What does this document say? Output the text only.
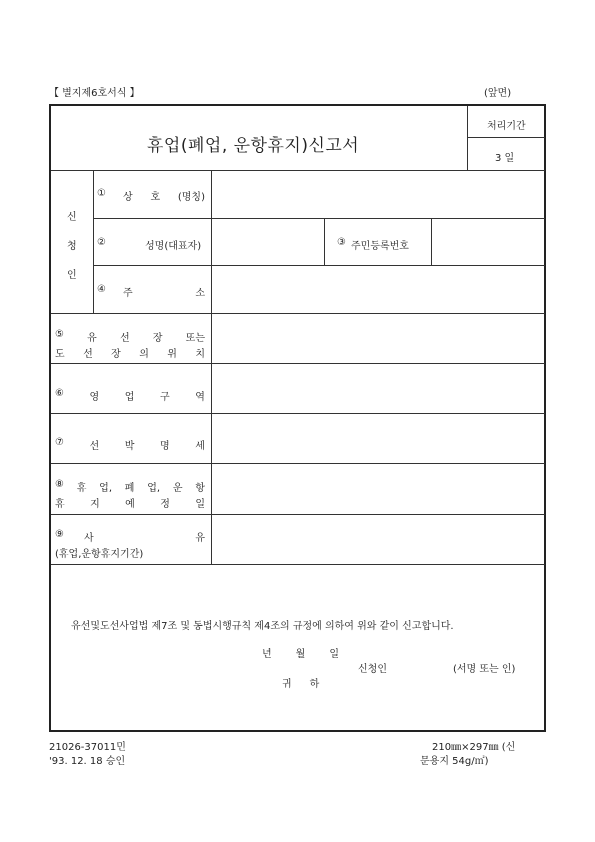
【 별지제6호서식 】	(앞면)
휴업(폐업, 운항휴지)신고서
처리기간
3 일
신
청
인
① 상 호 (명칭)
②	성명(대표자)	③ 주민등록번호
④ 주	소
⑤ 유 선 장 또는
도 선 장 의 위 치
⑥	영	업	구	역
⑦	선	박	명	세
⑧ 휴 업, 폐 업, 운 항
휴	지	예	정	일
⑨ 사	유
(휴업,운항휴지기간)
유선및도선사업법 제7조 및 동법시행규칙 제4조의 규정에 의하여 위와 같이 신고합니다.
년 월 일
신청인	(서명 또는 인)
귀 하
21026-37011민
'93. 12. 18 승인
210㎜×297㎜ (신
문용지 54g/㎡)
